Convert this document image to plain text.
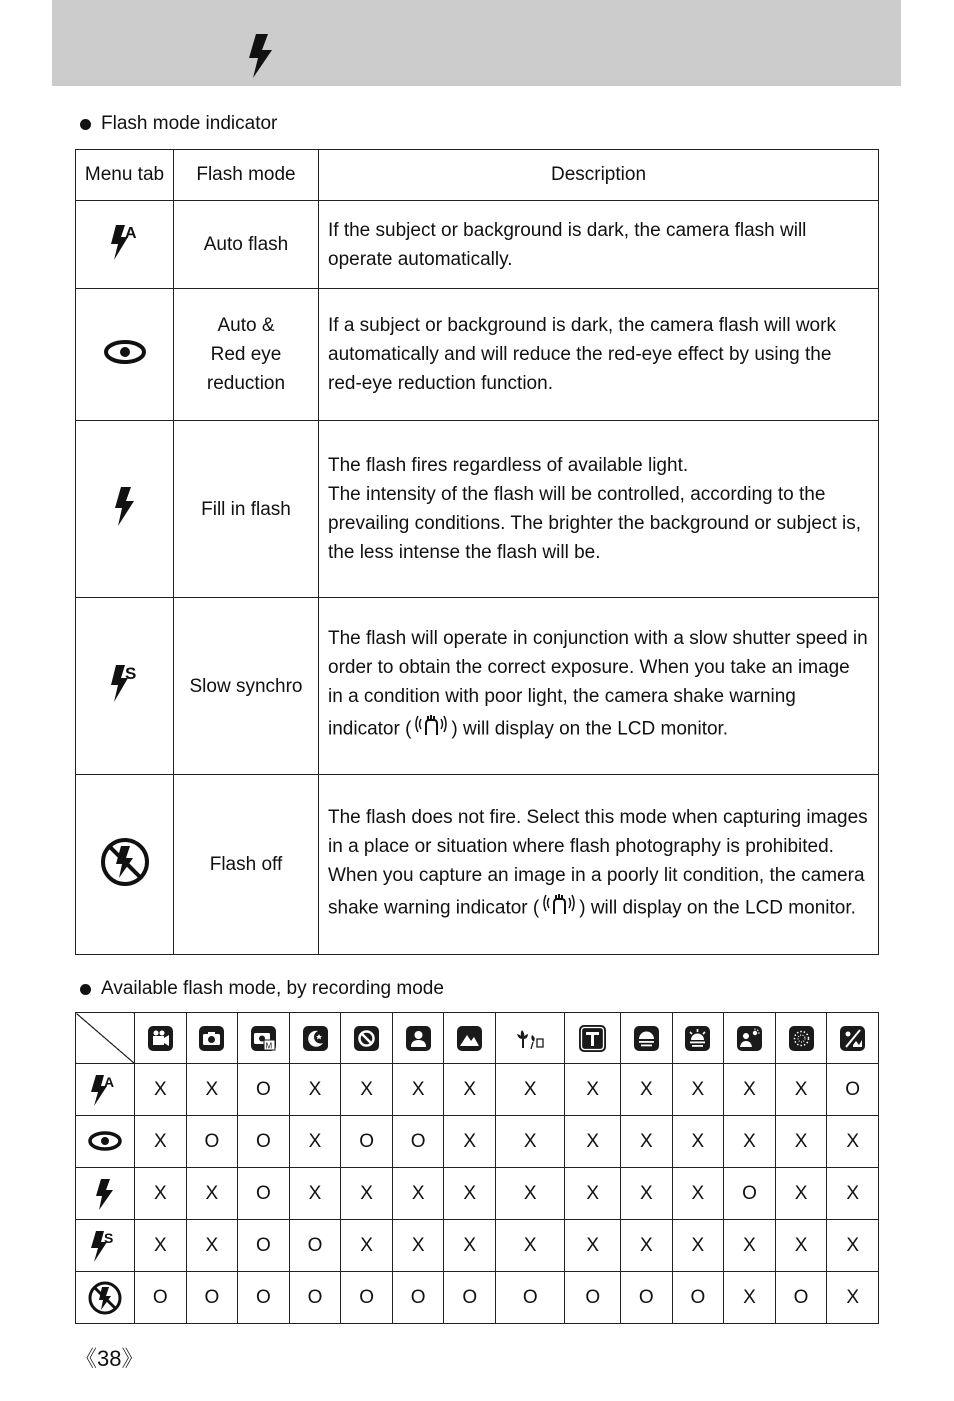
Flash mode indicator
Menu tab	Flash mode	Description

A	Auto flash	If the subject or background is dark, the camera flash will operate automatically.
	Auto &
Red eye
reduction	If a subject or background is dark, the camera flash will work automatically and will reduce the red-eye effect by using the red-eye reduction function.
	Fill in flash	The flash fires regardless of available light.
The intensity of the flash will be controlled, according to the prevailing conditions. The brighter the background or subject is, the less intense the flash will be.

S	Slow synchro	The flash will operate in conjunction with a slow shutter speed in order to obtain the correct exposure. When you take an image in a condition with poor light, the camera shake warning indicator ( ) will display on the LCD monitor.
	Flash off	The flash does not fire. Select this mode when capturing images in a place or situation where flash photography is prohibited. When you capture an image in a poorly lit condition, the camera shake warning indicator ( ) will display on the LCD monitor.
Available flash mode, by recording mode

M

A	X	X	O	X	X	X	X	X	X	X	X	X	X	O
	X	O	O	X	O	O	X	X	X	X	X	X	X	X
	X	X	O	X	X	X	X	X	X	X	X	O	X	X

S	X	X	O	O	X	X	X	X	X	X	X	X	X	X
	O	O	O	O	O	O	O	O	O	O	O	X	O	X
《38》
